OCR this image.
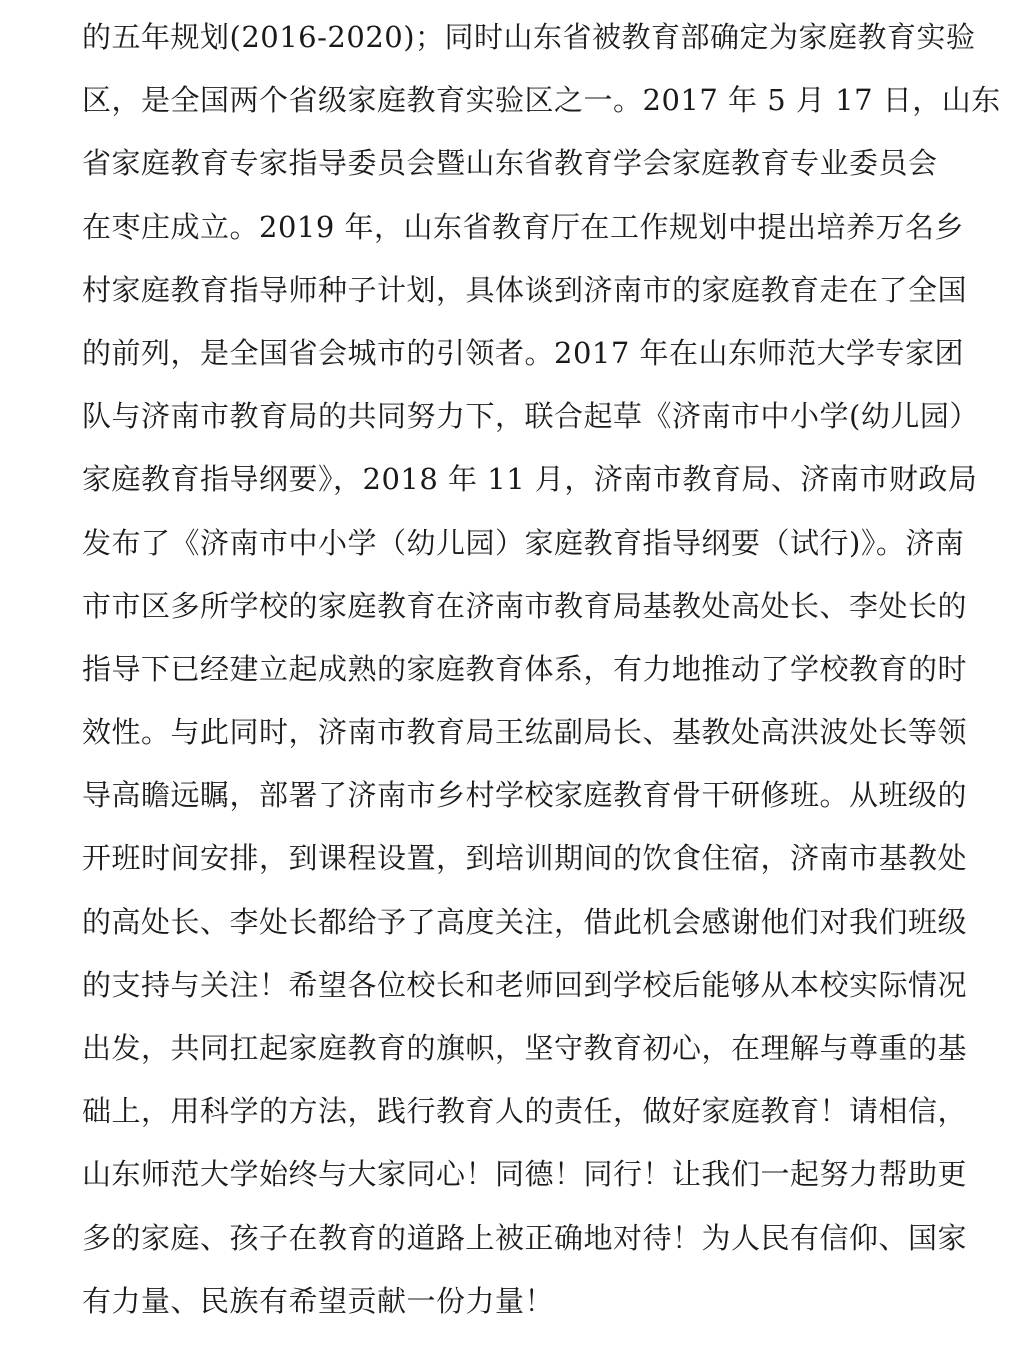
的五年规划(2016-2020)；同时山东省被教育部确定为家庭教育实验
区，是全国两个省级家庭教育实验区之一。2017 年 5 月 17 日，山东
省家庭教育专家指导委员会暨山东省教育学会家庭教育专业委员会
在枣庄成立。2019 年，山东省教育厅在工作规划中提出培养万名乡
村家庭教育指导师种子计划，具体谈到济南市的家庭教育走在了全国
的前列，是全国省会城市的引领者。2017 年在山东师范大学专家团
队与济南市教育局的共同努力下，联合起草《济南市中小学(幼儿园）
家庭教育指导纲要》，2018 年 11 月，济南市教育局、济南市财政局
发布了《济南市中小学（幼儿园）家庭教育指导纲要（试行)》。济南
市市区多所学校的家庭教育在济南市教育局基教处高处长、李处长的
指导下已经建立起成熟的家庭教育体系，有力地推动了学校教育的时
效性。与此同时，济南市教育局王纮副局长、基教处高洪波处长等领
导高瞻远瞩，部署了济南市乡村学校家庭教育骨干研修班。从班级的
开班时间安排，到课程设置，到培训期间的饮食住宿，济南市基教处
的高处长、李处长都给予了高度关注，借此机会感谢他们对我们班级
的支持与关注！希望各位校长和老师回到学校后能够从本校实际情况
出发，共同扛起家庭教育的旗帜，坚守教育初心，在理解与尊重的基
础上，用科学的方法，践行教育人的责任，做好家庭教育！请相信，
山东师范大学始终与大家同心！同德！同行！让我们一起努力帮助更
多的家庭、孩子在教育的道路上被正确地对待！为人民有信仰、国家
有力量、民族有希望贡献一份力量！
